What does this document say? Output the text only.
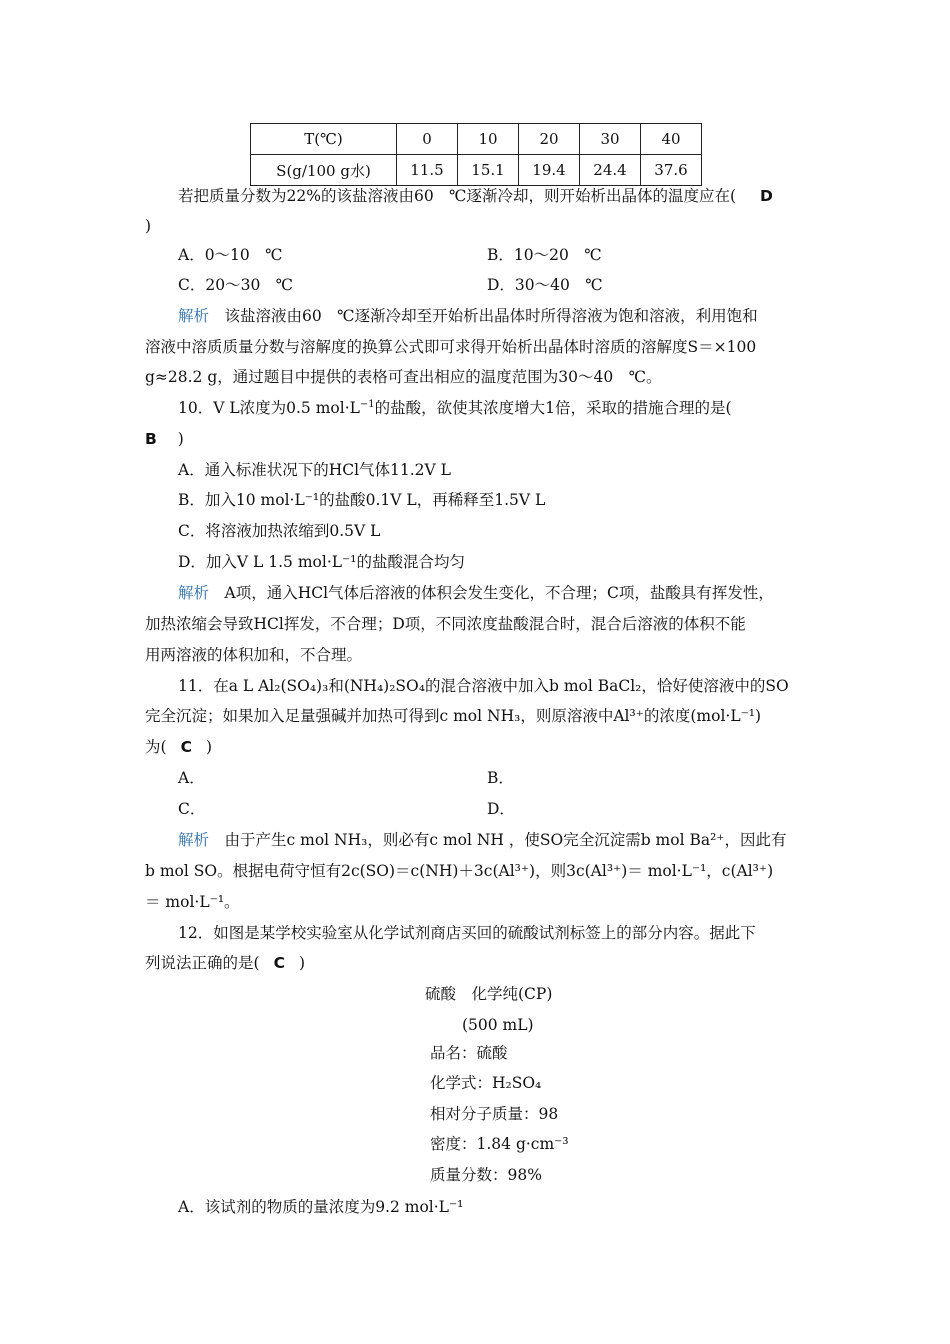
T(℃)	0	10	20	30	40
S(g/100 g水)	11.5	15.1	19.4	24.4	37.6
若把质量分数为22%的该盐溶液由60　℃逐渐冷却，则开始析出晶体的温度应在( D
)
A．0～10　℃	B．10～20　℃
C．20～30　℃	D．30～40　℃
解析　 该盐溶液由60　℃逐渐冷却至开始析出晶体时所得溶液为饱和溶液，利用饱和
溶液中溶质质量分数与溶解度的换算公式即可求得开始析出晶体时溶质的溶解度S＝×100
g≈28.2 g，通过题目中提供的表格可查出相应的温度范围为30～40　℃。
10．V L浓度为0.5 $mol\cdot L^{-1}$的盐酸，欲使其浓度增大1倍，采取的措施合理的是(
B )
A．通入标准状况下的HCl气体11.2V L
B．加入10 mol·L⁻¹的盐酸0.1V L，再稀释至1.5V L
C．将溶液加热浓缩到0.5V L
D．加入V L 1.5 mol·L⁻¹的盐酸混合均匀
解析　 A项，通入HCl气体后溶液的体积会发生变化，不合理；C项，盐酸具有挥发性，
加热浓缩会导致HCl挥发，不合理；D项，不同浓度盐酸混合时，混合后溶液的体积不能
用两溶液的体积加和，不合理。
11．在a L Al₂(SO₄)₃和(NH₄)₂SO₄的混合溶液中加入b mol BaCl₂，恰好使溶液中的SO
完全沉淀；如果加入足量强碱并加热可得到c mol NH₃，则原溶液中Al³⁺的浓度(mol·L⁻¹)
为( C )
A．	B．
C．	D．
解析　 由于产生c mol NH₃，则必有c mol NH ，使SO完全沉淀需b mol Ba²⁺，因此有
b mol SO。根据电荷守恒有2c(SO)＝c(NH)＋3c(Al³⁺)，则3c(Al³⁺)＝ mol·L⁻¹，c(Al³⁺)
＝ mol·L⁻¹。
12．如图是某学校实验室从化学试剂商店买回的硫酸试剂标签上的部分内容。据此下
列说法正确的是( C )
硫酸　化学纯(CP)
(500 mL)
品名：硫酸
化学式：H₂SO₄
相对分子质量：98
密度：1.84 g·cm⁻³
质量分数：98%
A．该试剂的物质的量浓度为9.2 mol·L⁻¹
